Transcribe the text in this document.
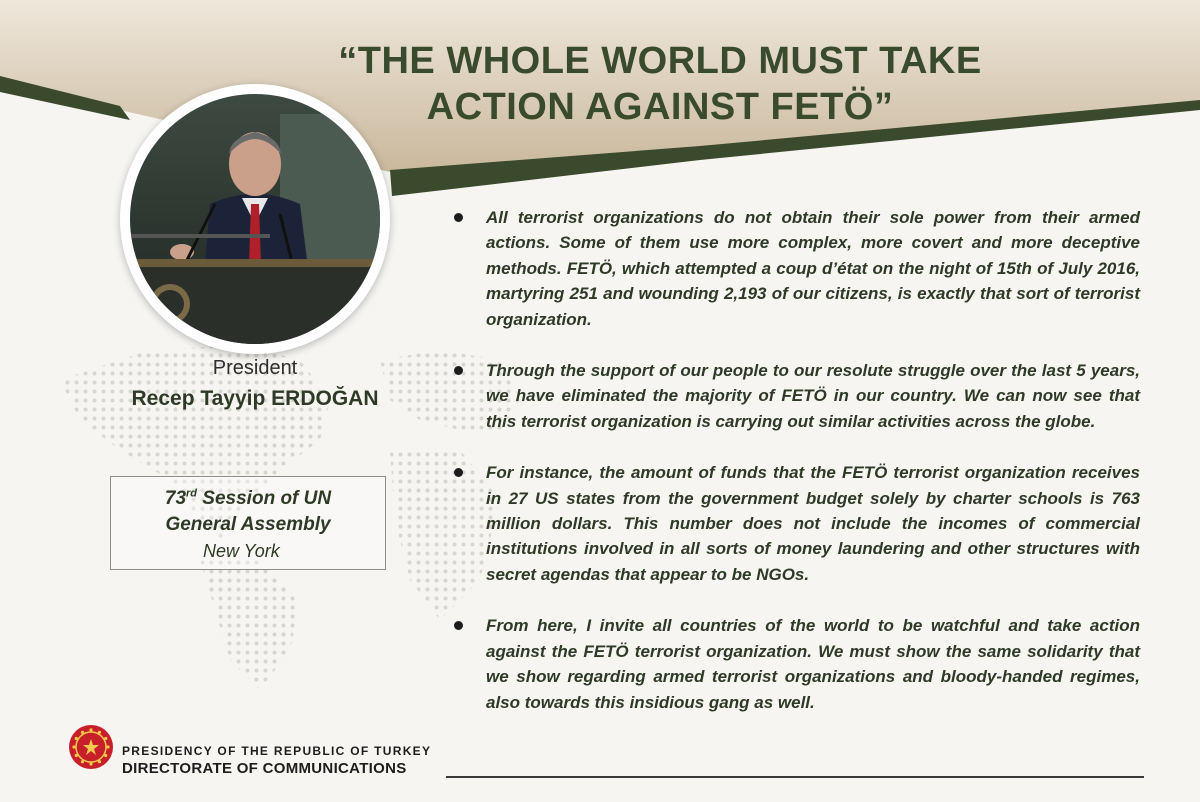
“THE WHOLE WORLD MUST TAKE
ACTION AGAINST FETÖ”
President
Recep Tayyip ERDOĞAN
73rd Session of UN
General Assembly
New York

All terrorist organizations do not obtain their sole power from their armed actions. Some of them use more complex, more covert and more deceptive methods. FETÖ, which attempted a coup d’état on the night of 15th of July 2016, martyring 251 and wounding 2,193 of our citizens, is exactly that sort of terrorist organization.

Through the support of our people to our resolute struggle over the last 5 years, we have eliminated the majority of FETÖ in our country. We can now see that this terrorist organization is carrying out similar activities across the globe.

For instance, the amount of funds that the FETÖ terrorist organization receives in 27 US states from the government budget solely by charter schools is 763 million dollars. This number does not include the incomes of commercial institutions involved in all sorts of money laundering and other structures with secret agendas that appear to be NGOs.

From here, I invite all countries of the world to be watchful and take action against the FETÖ terrorist organization. We must show the same solidarity that we show regarding armed terrorist organizations and bloody-handed regimes, also towards this insidious gang as well.

PRESIDENCY OF THE REPUBLIC OF TURKEY
DIRECTORATE OF COMMUNICATIONS
